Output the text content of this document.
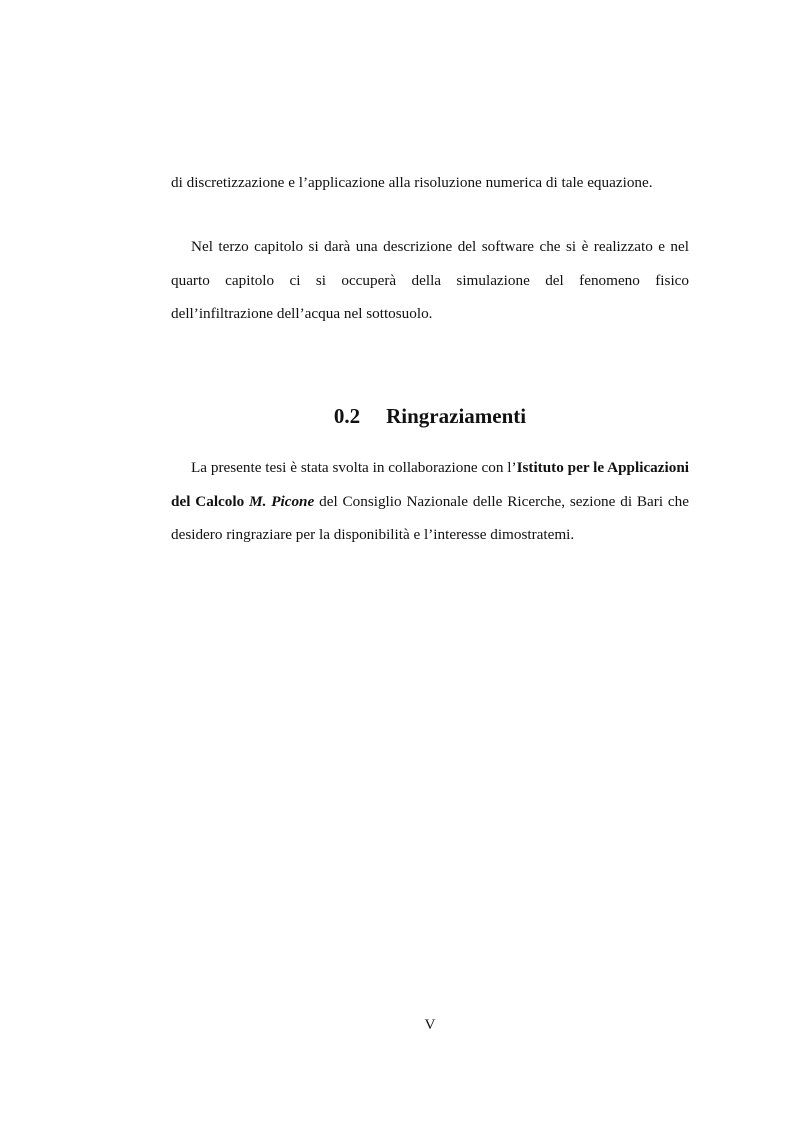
di discretizzazione e l’applicazione alla risoluzione numerica di tale equazione.

Nel terzo capitolo si darà una descrizione del software che si è realizzato e nel quarto capitolo ci si occuperà della simulazione del fenomeno fisico dell’infiltrazione dell’acqua nel sottosuolo.

0.2 Ringraziamenti

La presente tesi è stata svolta in collaborazione con l’Istituto per le Applicazioni del Calcolo M. Picone del Consiglio Nazionale delle Ricerche, sezione di Bari che desidero ringraziare per la disponibilità e l’interesse dimostratemi.

V
